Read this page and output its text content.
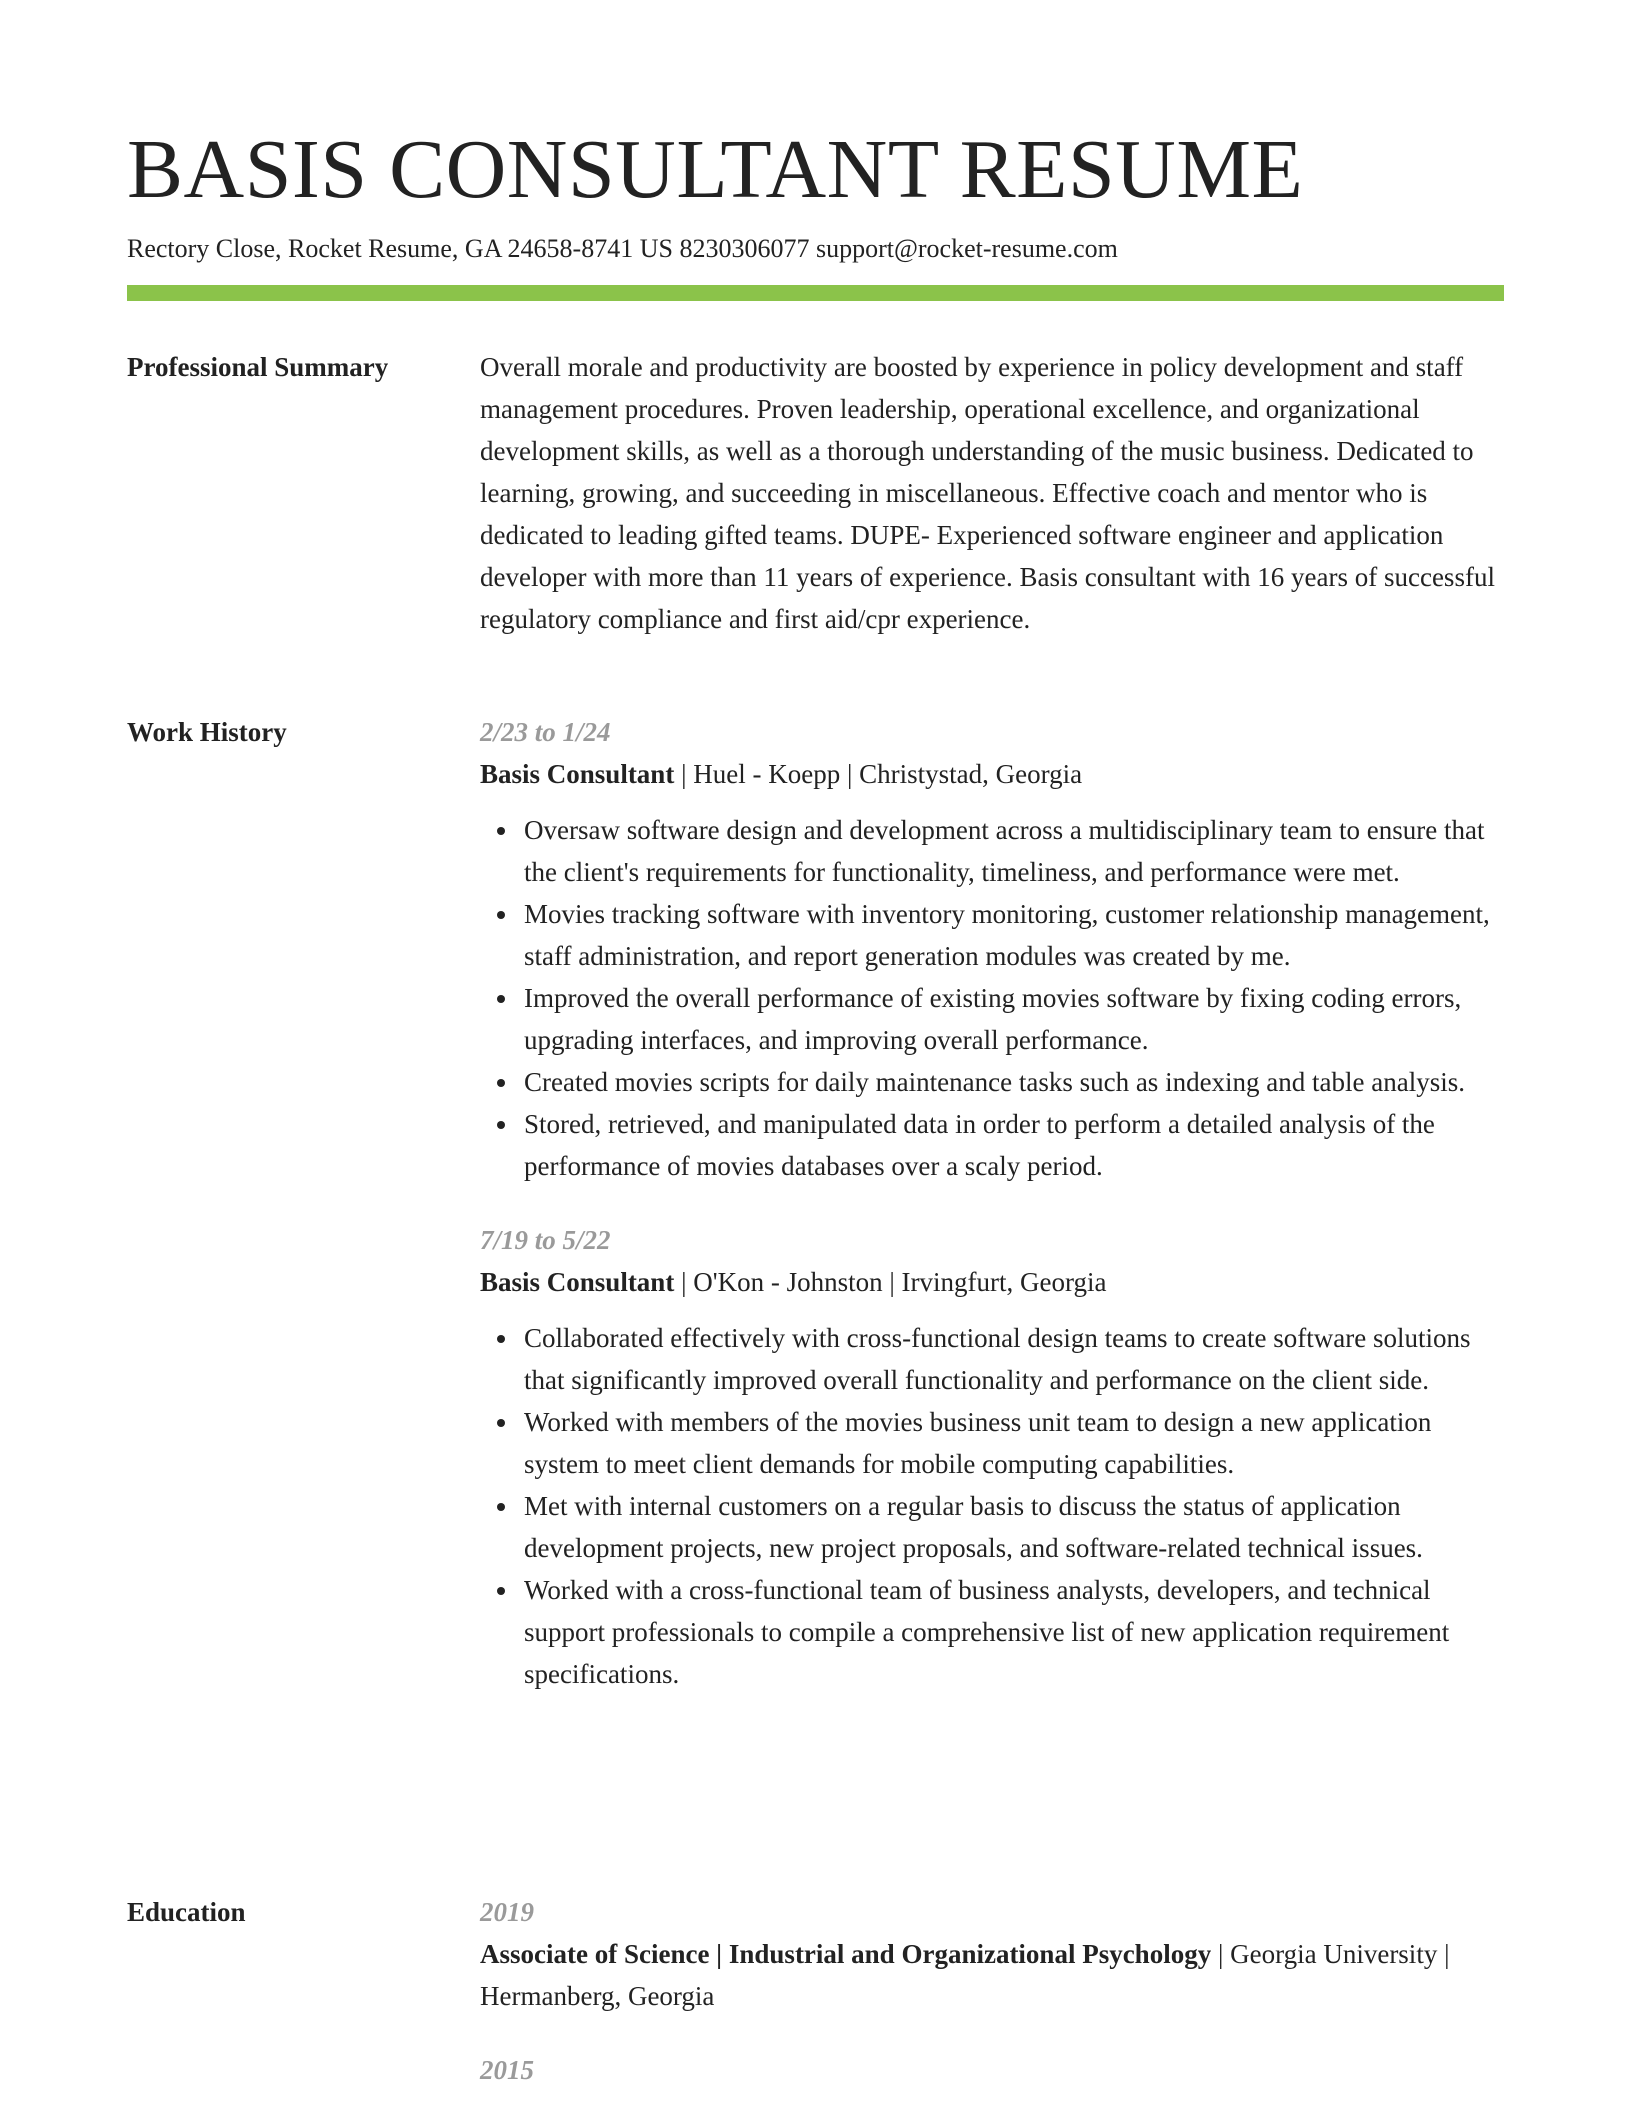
BASIS CONSULTANT RESUME
Rectory Close, Rocket Resume, GA 24658-8741 US 8230306077 support@rocket-resume.com
Professional Summary	Overall morale and productivity are boosted by experience in policy development and staff management procedures. Proven leadership, operational excellence, and organizational development skills, as well as a thorough understanding of the music business. Dedicated to learning, growing, and succeeding in miscellaneous. Effective coach and mentor who is dedicated to leading gifted teams. DUPE- Experienced software engineer and application developer with more than 11 years of experience. Basis consultant with 16 years of successful regulatory compliance and first aid/cpr experience.

Work History	2/23 to 1/24
Basis Consultant | Huel - Koepp | Christystad, Georgia
Oversaw software design and development across a multidisciplinary team to ensure that the client's requirements for functionality, timeliness, and performance were met.
Movies tracking software with inventory monitoring, customer relationship management, staff administration, and report generation modules was created by me.
Improved the overall performance of existing movies software by fixing coding errors, upgrading interfaces, and improving overall performance.
Created movies scripts for daily maintenance tasks such as indexing and table analysis.
Stored, retrieved, and manipulated data in order to perform a detailed analysis of the performance of movies databases over a scaly period.
7/19 to 5/22
Basis Consultant | O'Kon - Johnston | Irvingfurt, Georgia
Collaborated effectively with cross-functional design teams to create software solutions that significantly improved overall functionality and performance on the client side.
Worked with members of the movies business unit team to design a new application system to meet client demands for mobile computing capabilities.
Met with internal customers on a regular basis to discuss the status of application development projects, new project proposals, and software-related technical issues.
Worked with a cross-functional team of business analysts, developers, and technical support professionals to compile a comprehensive list of new application requirement specifications.
Education	2019
Associate of Science | Industrial and Organizational Psychology | Georgia University | Hermanberg, Georgia
2015
